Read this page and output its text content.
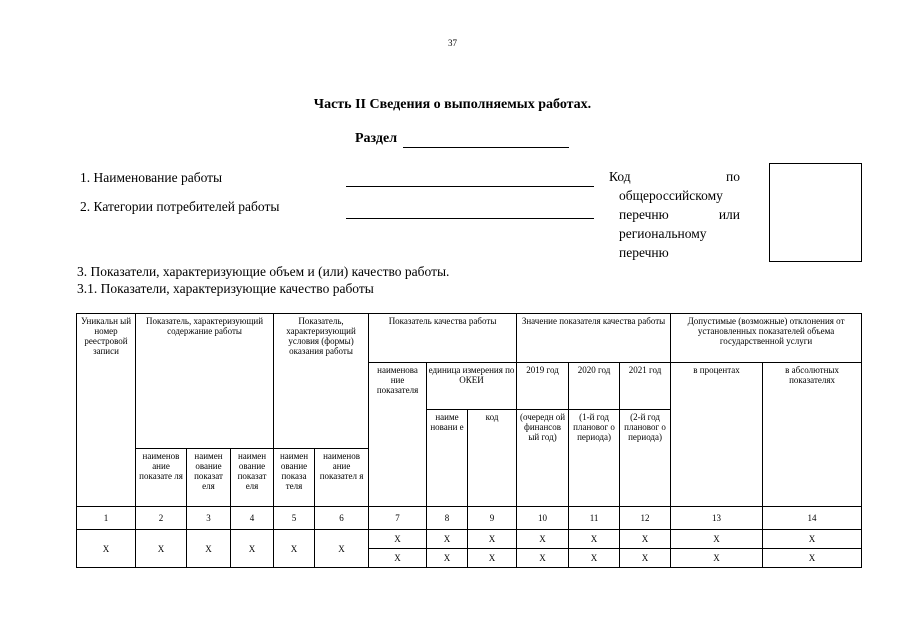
37
Часть II Сведения о выполняемых работах.
Раздел
1. Наименование работы
2. Категории потребителей работы
Код	по
общероссийскому
перечню	или
региональному
перечню
3. Показатели, характеризующие объем и (или) качество работы.
3.1. Показатели, характеризующие качество работы
Уникальн ый номер реестровой записи	Показатель, характеризующий содержание работы			Показатель, характеризующий условия (формы) оказания работы		Показатель качества работы			Значение показателя качества работы			Допустимые (возможные) отклонения от установленных показателей объема государственной услуги	
						наименова ние показателя	единица измерения по ОКЕИ		2019 год	2020 год	2021 год	в процентах	в абсолютных показателях
							наиме новани е	код	(очередн ой финансов ый год)	(1-й год плановог о периода)	(2-й год плановог о периода)		
	наименов ание показате ля	наимен ование показат еля	наимен ование показат еля	наимен ование показа теля	наименов ание показател я								
1	2	3	4	5	6	7	8	9	10	11	12	13	14
X	X	X	X	X	X	X	X	X	X	X	X	X	X
						X	X	X	X	X	X	X	X
